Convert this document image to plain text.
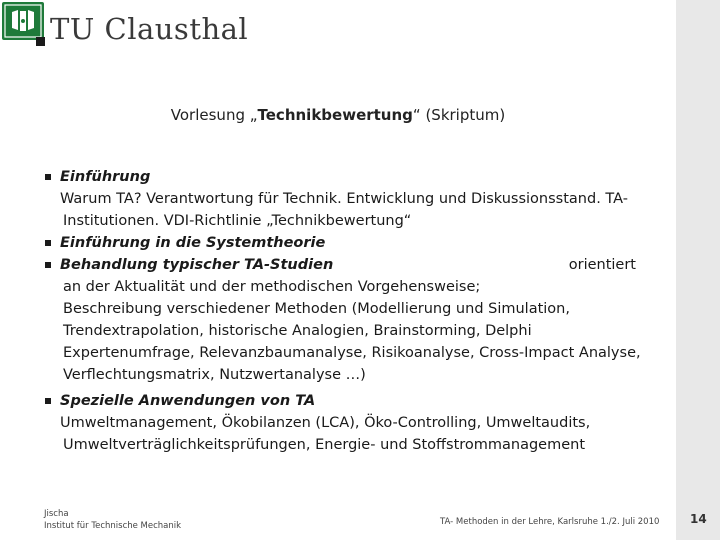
TU Clausthal
Vorlesung „Technikbewertung“ (Skriptum)
Einführung
Warum TA? Verantwortung für Technik. Entwicklung und Diskussionsstand. TA-
Institutionen. VDI-Richtlinie „Technikbewertung“
Einführung in die Systemtheorie
Behandlung typischer TA-Studien	orientiert
an der Aktualität und der methodischen Vorgehensweise;
Beschreibung verschiedener Methoden (Modellierung und Simulation,
Trendextrapolation, historische Analogien, Brainstorming, Delphi
Expertenumfrage, Relevanzbaumanalyse, Risikoanalyse, Cross-Impact Analyse,
Verflechtungsmatrix, Nutzwertanalyse …)
Spezielle Anwendungen von TA
Umweltmanagement, Ökobilanzen (LCA), Öko-Controlling, Umweltaudits,
Umweltverträglichkeitsprüfungen, Energie- und Stoffstrommanagement
Jischa
Institut für Technische Mechanik	TA- Methoden in der Lehre, Karlsruhe 1./2. Juli 2010	14
